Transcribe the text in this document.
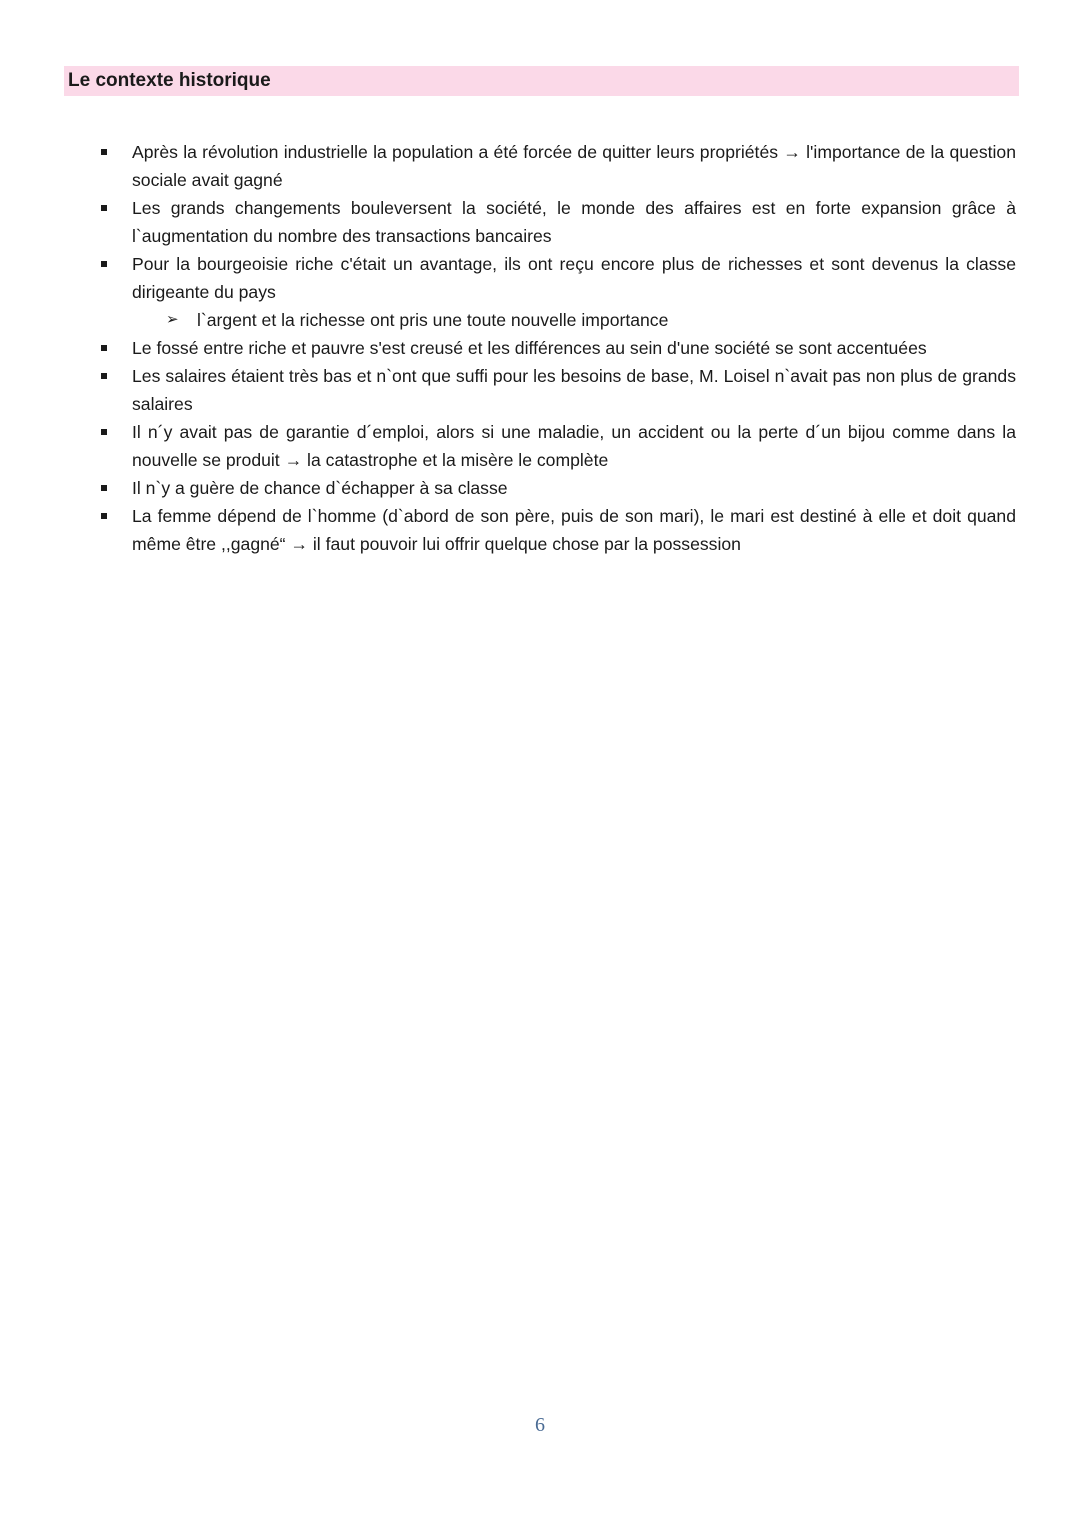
Le contexte historique
Après la révolution industrielle la population a été forcée de quitter leurs propriétés → l'importance de la question sociale avait gagné
Les grands changements bouleversent la société, le monde des affaires est en forte expansion grâce à l`augmentation du nombre des transactions bancaires
Pour la bourgeoisie riche c'était un avantage, ils ont reçu encore plus de richesses et sont devenus la classe dirigeante du pays
➢ l`argent et la richesse ont pris une toute nouvelle importance
Le fossé entre riche et pauvre s'est creusé et les différences au sein d'une société se sont accentuées
Les salaires étaient très bas et n`ont que suffi pour les besoins de base, M. Loisel n`avait pas non plus de grands salaires
Il n´y avait pas de garantie d´emploi, alors si une maladie, un accident ou la perte d´un bijou comme dans la nouvelle se produit → la catastrophe et la misère le complète
Il n`y a guère de chance d`échapper à sa classe
La femme dépend de l`homme (d`abord de son père, puis de son mari), le mari est destiné à elle et doit quand même être ,,gagné“ → il faut pouvoir lui offrir quelque chose par la possession
6
